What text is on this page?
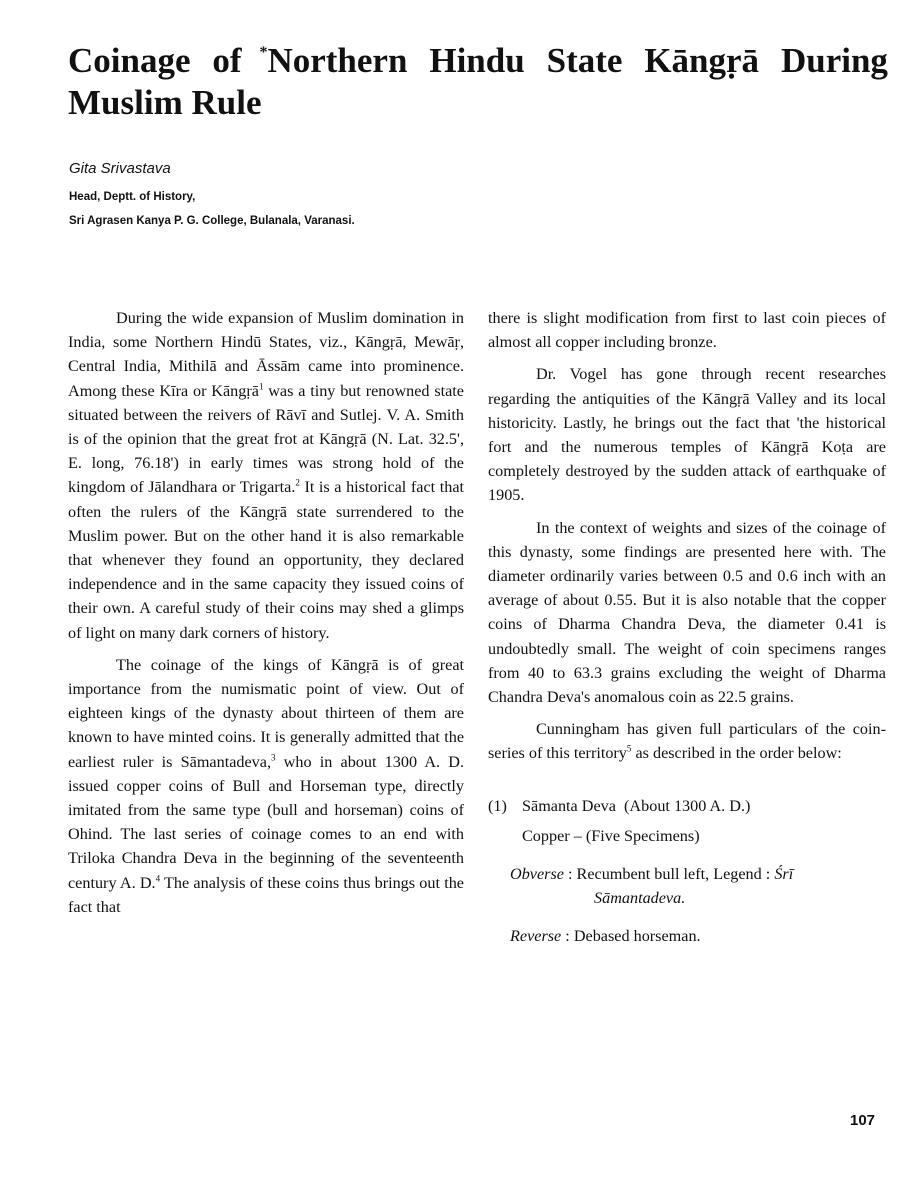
Coinage of *Northern Hindu State Kāngṛā During
Muslim Rule
Gita Srivastava
Head, Deptt. of History,
Sri Agrasen Kanya P. G. College, Bulanala, Varanasi.

During the wide expansion of Muslim domination in India, some Northern Hindū States, viz., Kāngṛā, Mewāṛ, Central India, Mithilā and Āssām came into prominence. Among these Kīra or Kāngṛā$^1$ was a tiny but renowned state situated between the reivers of Rāvī and Sutlej. V. A. Smith is of the opinion that the great frot at Kāngṛā (N. Lat. 32.5', E. long, 76.18') in early times was strong hold of the kingdom of Jālandhara or Trigarta.$^2$ It is a historical fact that often the rulers of the Kāngṛā state surrendered to the Muslim power. But on the other hand it is also remarkable that whenever they found an opportunity, they declared independence and in the same capacity they issued coins of their own. A careful study of their coins may shed a glimps of light on many dark corners of history.

The coinage of the kings of Kāngṛā is of great importance from the numismatic point of view. Out of eighteen kings of the dynasty about thirteen of them are known to have minted coins. It is generally admitted that the earliest ruler is Sāmantadeva,$^3$ who in about 1300 A. D. issued copper coins of Bull and Horseman type, directly imitated from the same type (bull and horseman) coins of Ohind. The last series of coinage comes to an end with Triloka Chandra Deva in the beginning of the seventeenth century A. D.$^4$ The analysis of these coins thus brings out the fact that

there is slight modification from first to last coin pieces of almost all copper including bronze.

Dr. Vogel has gone through recent researches regarding the antiquities of the Kāngṛā Valley and its local historicity. Lastly, he brings out the fact that 'the historical fort and the numerous temples of Kāngṛā Koṭa are completely destroyed by the sudden attack of earthquake of 1905.

In the context of weights and sizes of the coinage of this dynasty, some findings are presented here with. The diameter ordinarily varies between 0.5 and 0.6 inch with an average of about 0.55. But it is also notable that the copper coins of Dharma Chandra Deva, the diameter 0.41 is undoubtedly small. The weight of coin specimens ranges from 40 to 63.3 grains excluding the weight of Dharma Chandra Deva's anomalous coin as 22.5 grains.

Cunningham has given full particulars of the coin-series of this territory$^5$ as described in the order below:

(1) Sāmanta Deva (About 1300 A. D.)
Copper – (Five Specimens)
Obverse : Recumbent bull left, Legend : Śrī
Sāmantadeva.
Reverse : Debased horseman.
107
